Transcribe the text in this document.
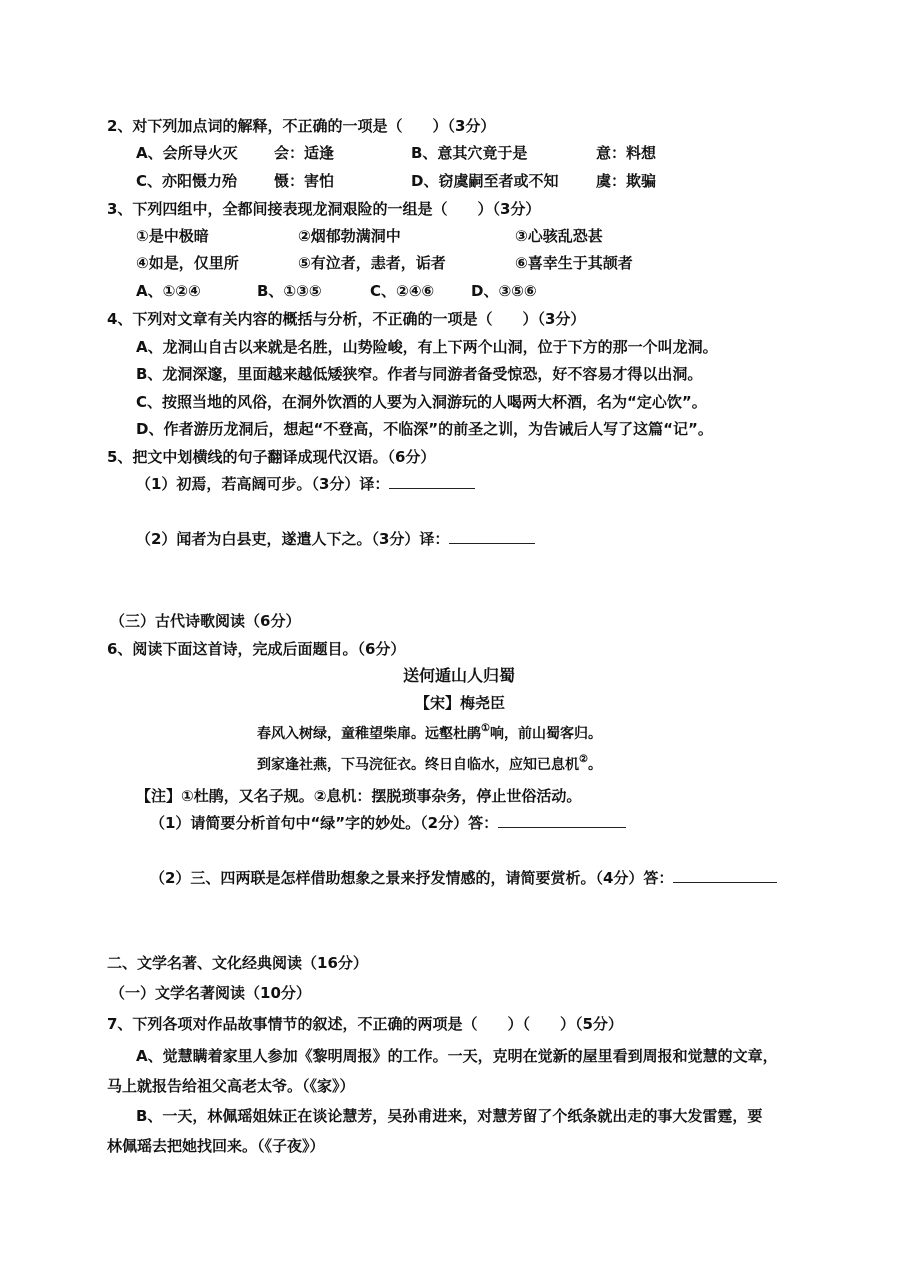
2、对下列加点词的解释，不正确的一项是（　　）（3分）
A、会所导火灭 会：适逢	B、意其穴竟于是	意：料想
C、亦阳慑力殆 慑：害怕	D、窃虞嗣至者或不知	虞：欺骗
3、下列四组中，全都间接表现龙洞艰险的一组是（　　）（3分）
①是中极暗	②烟郁勃满洞中	③心骇乱恐甚
④如是，仅里所	⑤有泣者，恚者，诟者	⑥喜幸生于其颉者
A、①②④	B、①③⑤	C、②④⑥ D、③⑤⑥
4、下列对文章有关内容的概括与分析，不正确的一项是（　　）（3分）
A、龙洞山自古以来就是名胜，山势险峻，有上下两个山洞，位于下方的那一个叫龙洞。
B、龙洞深邃，里面越来越低矮狭窄。作者与同游者备受惊恐，好不容易才得以出洞。
C、按照当地的风俗，在洞外饮酒的人要为入洞游玩的人喝两大杯酒，名为“定心饮”。
D、作者游历龙洞后，想起“不登高，不临深”的前圣之训，为告诫后人写了这篇“记”。
5、把文中划横线的句子翻译成现代汉语。（6分）
（1）初焉，若高阔可步。（3分）译：
（2）闻者为白县吏，遂遣人下之。（3分）译：
（三）古代诗歌阅读（6分）
6、阅读下面这首诗，完成后面题目。（6分）
送何遁山人归蜀
【宋】梅尧臣
春风入树绿，童稚望柴扉。远壑杜鹃①响，前山蜀客归。
到家逢社燕，下马浣征衣。终日自临水，应知已息机②。
【注】①杜鹃，又名子规。②息机：摆脱琐事杂务，停止世俗活动。
（1）请简要分析首句中“绿”字的妙处。（2分）答：
（2）三、四两联是怎样借助想象之景来抒发情感的，请简要赏析。（4分）答：
二、文学名著、文化经典阅读（16分）
（一）文学名著阅读（10分）
7、下列各项对作品故事情节的叙述，不正确的两项是（　　）（　　）（5分）
A、觉慧瞒着家里人参加《黎明周报》的工作。一天，克明在觉新的屋里看到周报和觉慧的文章，
马上就报告给祖父高老太爷。（《家》）
B、一天，林佩瑶姐妹正在谈论慧芳，吴孙甫进来，对慧芳留了个纸条就出走的事大发雷霆，要
林佩瑶去把她找回来。（《子夜》）
